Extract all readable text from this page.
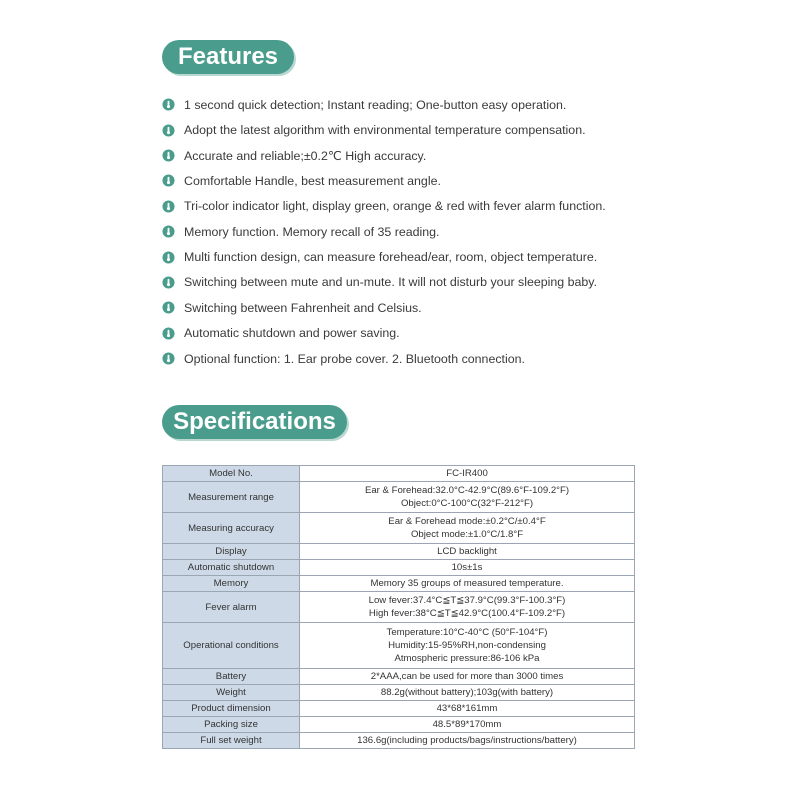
Features
1 second quick detection; Instant reading; One-button easy operation.
Adopt the latest algorithm with environmental temperature compensation.
Accurate and reliable;±0.2℃ High accuracy.
Comfortable Handle, best measurement angle.
Tri-color indicator light, display green, orange & red with fever alarm function.
Memory function. Memory recall of 35 reading.
Multi function design, can measure forehead/ear, room, object temperature.
Switching between mute and un-mute. It will not disturb your sleeping baby.
Switching between Fahrenheit and Celsius.
Automatic shutdown and power saving.
Optional function: 1. Ear probe cover. 2. Bluetooth connection.
Specifications
Model No.	FC-IR400

Measurement range	Ear & Forehead:32.0°C-42.9°C(89.6°F-109.2°F)
Object:0°C-100°C(32°F-212°F)

Measuring accuracy	Ear & Forehead mode:±0.2°C/±0.4°F
Object mode:±1.0°C/1.8°F

Display	LCD backlight

Automatic shutdown	10s±1s

Memory	Memory 35 groups of measured temperature.

Fever alarm	Low fever:37.4°C≦T≦37.9°C(99.3°F-100.3°F)
High fever:38°C≦T≦42.9°C(100.4°F-109.2°F)

Operational conditions	Temperature:10°C-40°C (50°F-104°F)
Humidity:15-95%RH,non-condensing
Atmospheric pressure:86-106 kPa

Battery	2*AAA,can be used for more than 3000 times

Weight	88.2g(without battery);103g(with battery)

Product dimension	43*68*161mm

Packing size	48.5*89*170mm

Full set weight	136.6g(including products/bags/instructions/battery)
